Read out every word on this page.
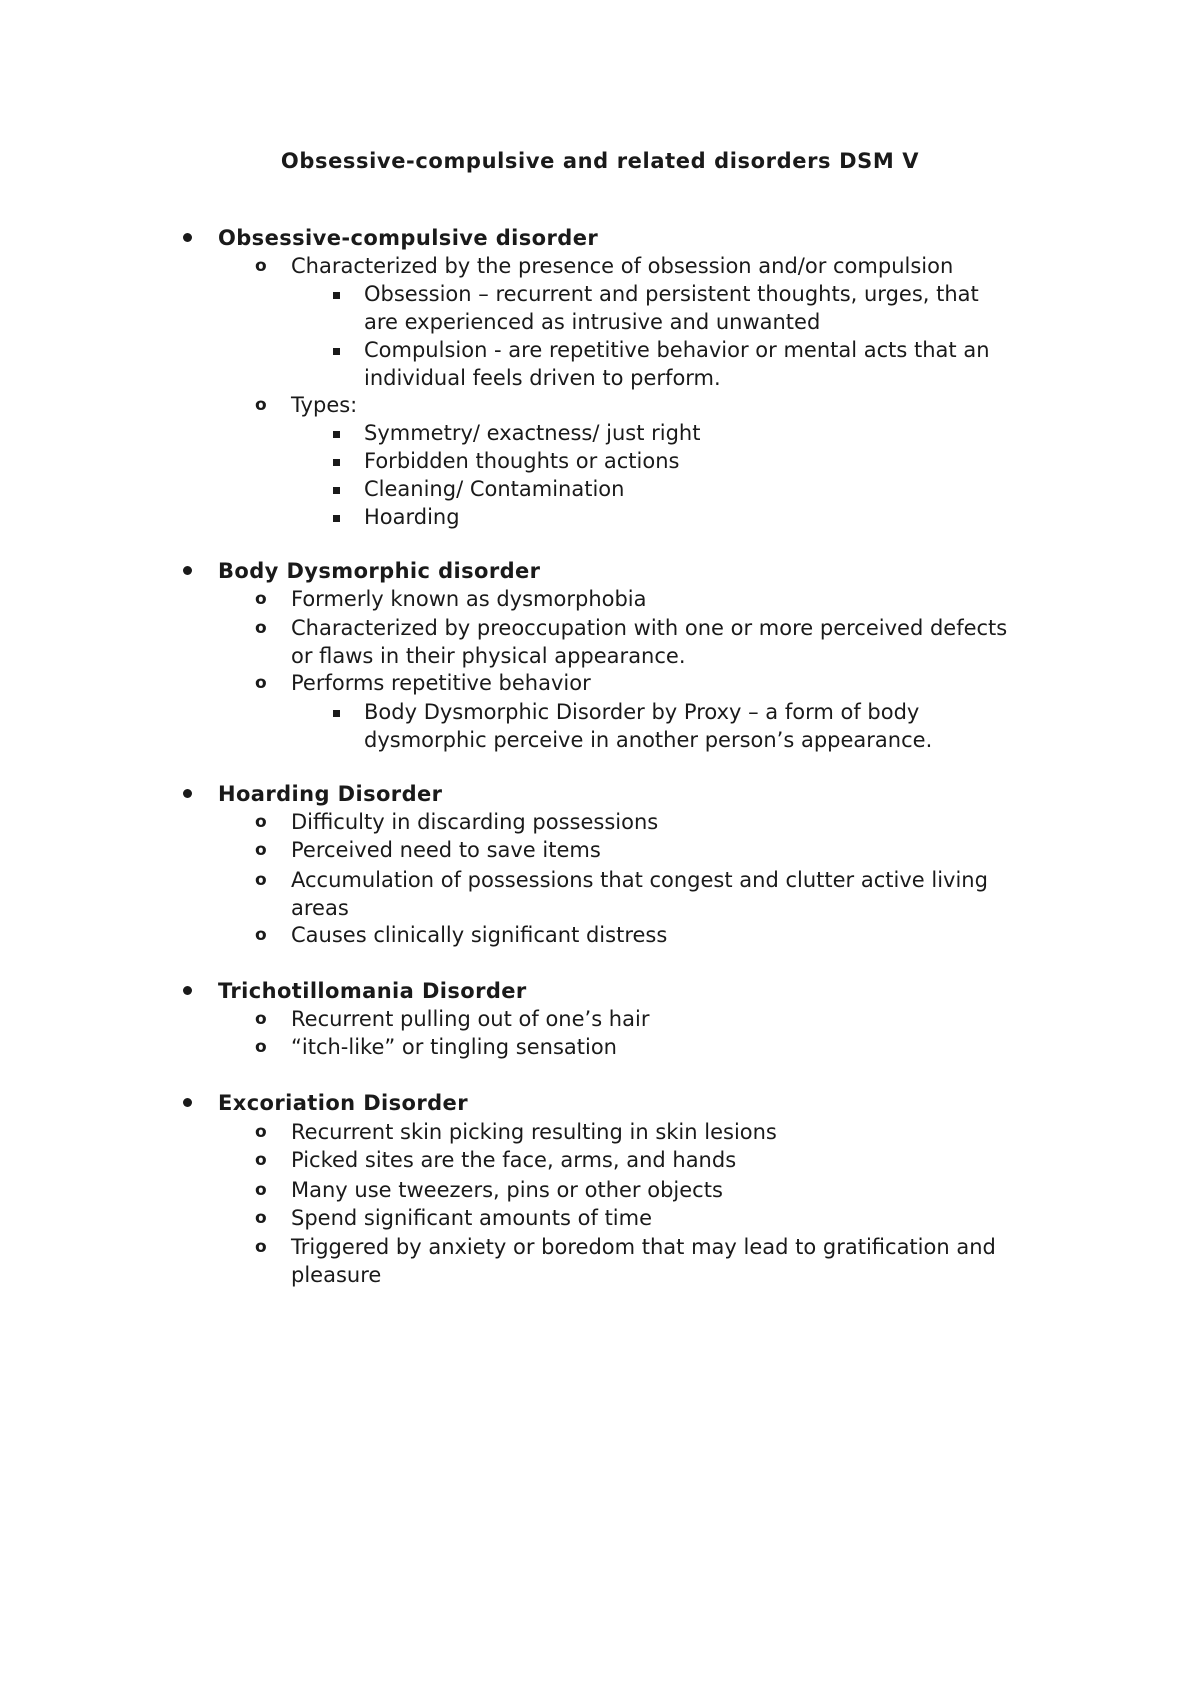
Obsessive-compulsive and related disorders DSM V

Obsessive-compulsive disorder

o Characterized by the presence of obsession and/or compulsion

Obsession – recurrent and persistent thoughts, urges, that

are experienced as intrusive and unwanted

Compulsion - are repetitive behavior or mental acts that an

individual feels driven to perform.

o Types:

Symmetry/ exactness/ just right

Forbidden thoughts or actions

Cleaning/ Contamination

Hoarding

Body Dysmorphic disorder

o Formerly known as dysmorphobia

o Characterized by preoccupation with one or more perceived defects

or flaws in their physical appearance.

o Performs repetitive behavior

Body Dysmorphic Disorder by Proxy – a form of body

dysmorphic perceive in another person’s appearance.

Hoarding Disorder

o Difficulty in discarding possessions

o Perceived need to save items

o Accumulation of possessions that congest and clutter active living

areas

o Causes clinically significant distress

Trichotillomania Disorder

o Recurrent pulling out of one’s hair

o “itch-like” or tingling sensation

Excoriation Disorder

o Recurrent skin picking resulting in skin lesions

o Picked sites are the face, arms, and hands

o Many use tweezers, pins or other objects

o Spend significant amounts of time

o Triggered by anxiety or boredom that may lead to gratification and

pleasure
